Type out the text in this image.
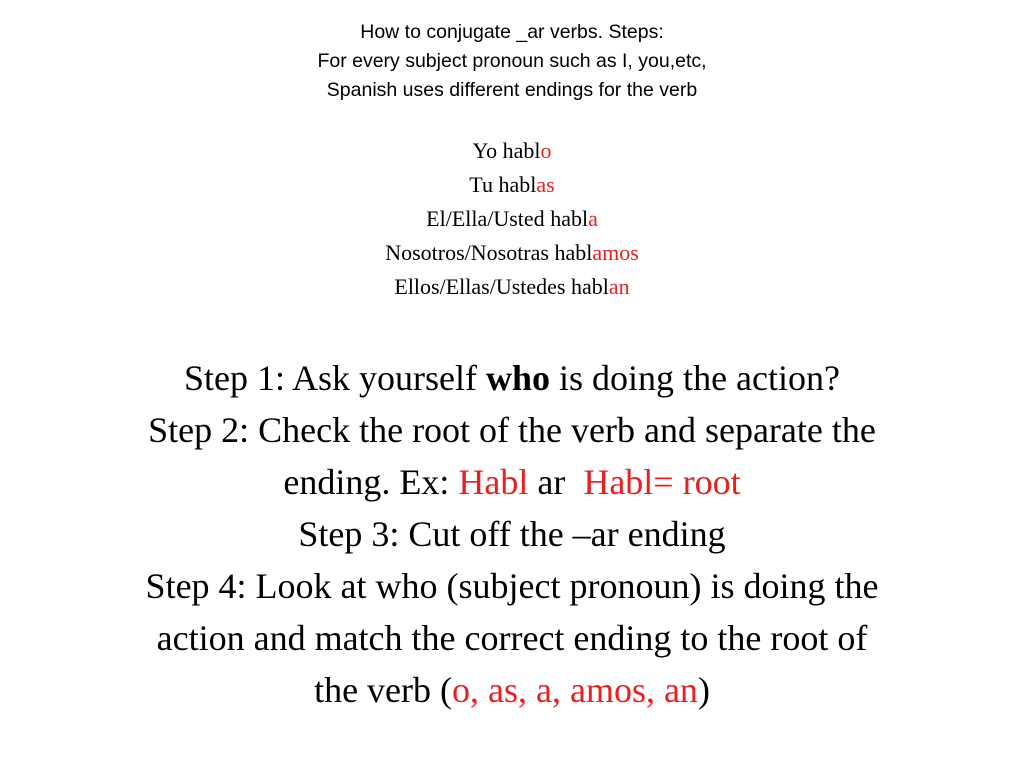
How to conjugate _ar verbs. Steps:
For every subject pronoun such as I, you,etc,
Spanish uses different endings for the verb
Yo hablo
Tu hablas
El/Ella/Usted habla
Nosotros/Nosotras hablamos
Ellos/Ellas/Ustedes hablan
Step 1: Ask yourself who is doing the action?
Step 2: Check the root of the verb and separate the
ending. Ex: Habl ar  Habl= root
Step 3: Cut off the –ar ending
Step 4: Look at who (subject pronoun) is doing the
action and match the correct ending to the root of
the verb (o, as, a, amos, an)
